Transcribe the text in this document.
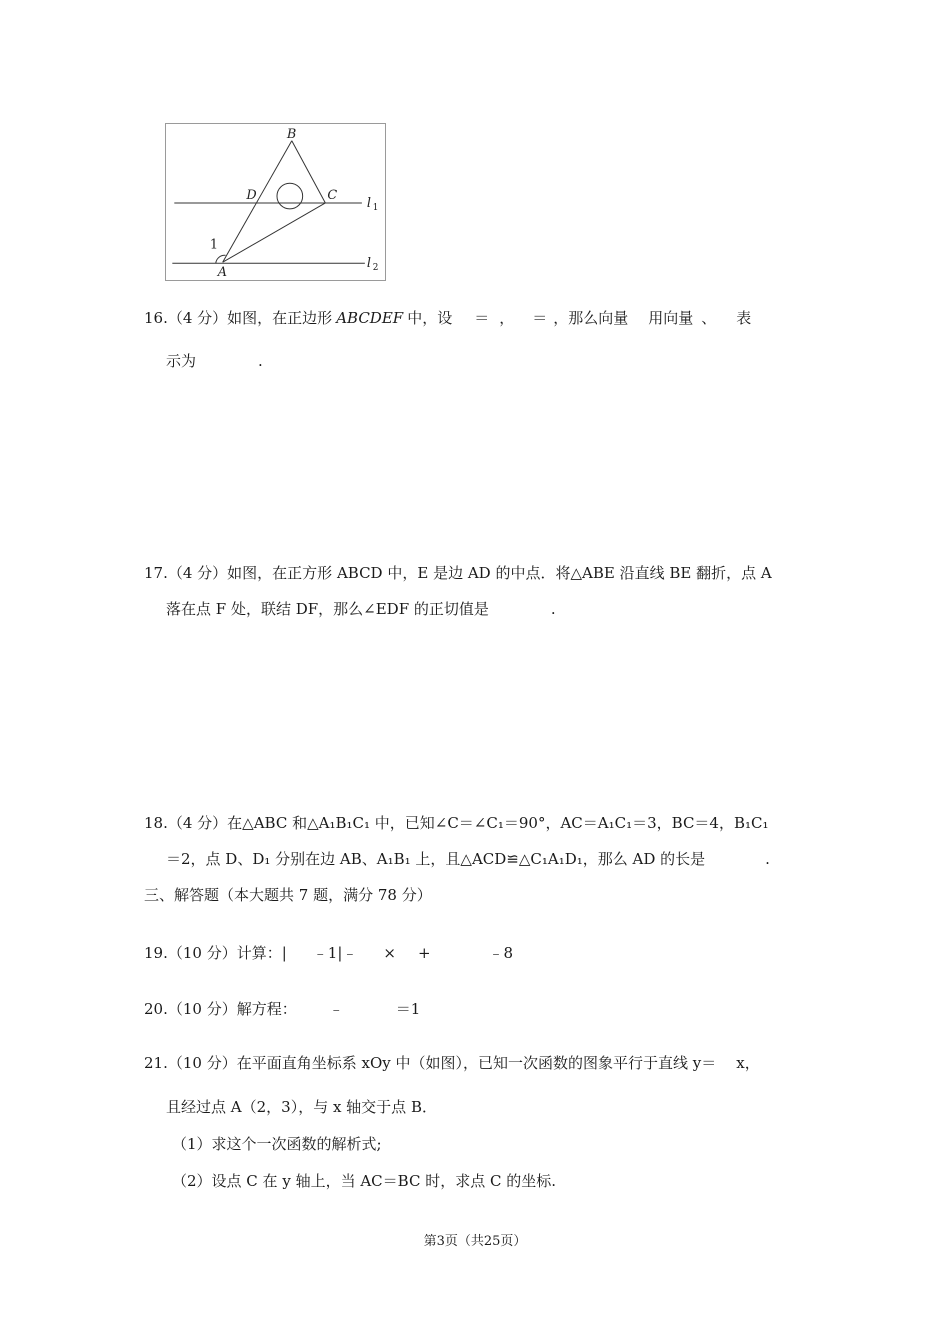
B
D	C
l 1
1
A
l 2
16.（4 分）如图，在正边形 ABCDEF 中，设 ＝ ， ＝ ，那么向量 用向量 、 表
示为	.
17.（4 分）如图，在正方形 ABCD 中，E 是边 AD 的中点．将△ABE 沿直线 BE 翻折，点 A
落在点 F 处，联结 DF，那么∠EDF 的正切值是	.
18.（4 分）在△ABC 和△A₁B₁C₁ 中，已知∠C＝∠C₁＝90°，AC＝A₁C₁＝3，BC＝4，B₁C₁
＝2，点 D、D₁ 分别在边 AB、A₁B₁ 上，且△ACD≌△C₁A₁D₁，那么 AD 的长是	.
三、解答题（本大题共 7 题，满分 78 分）
19.（10 分）计算：| ﹣1|﹣ × +	﹣8
20.（10 分）解方程： ﹣	＝1
21.（10 分）在平面直角坐标系 xOy 中（如图），已知一次函数的图象平行于直线 y＝ x，
且经过点 A（2，3），与 x 轴交于点 B．
（1）求这个一次函数的解析式;
（2）设点 C 在 y 轴上，当 AC＝BC 时，求点 C 的坐标.
第3页（共25页）
